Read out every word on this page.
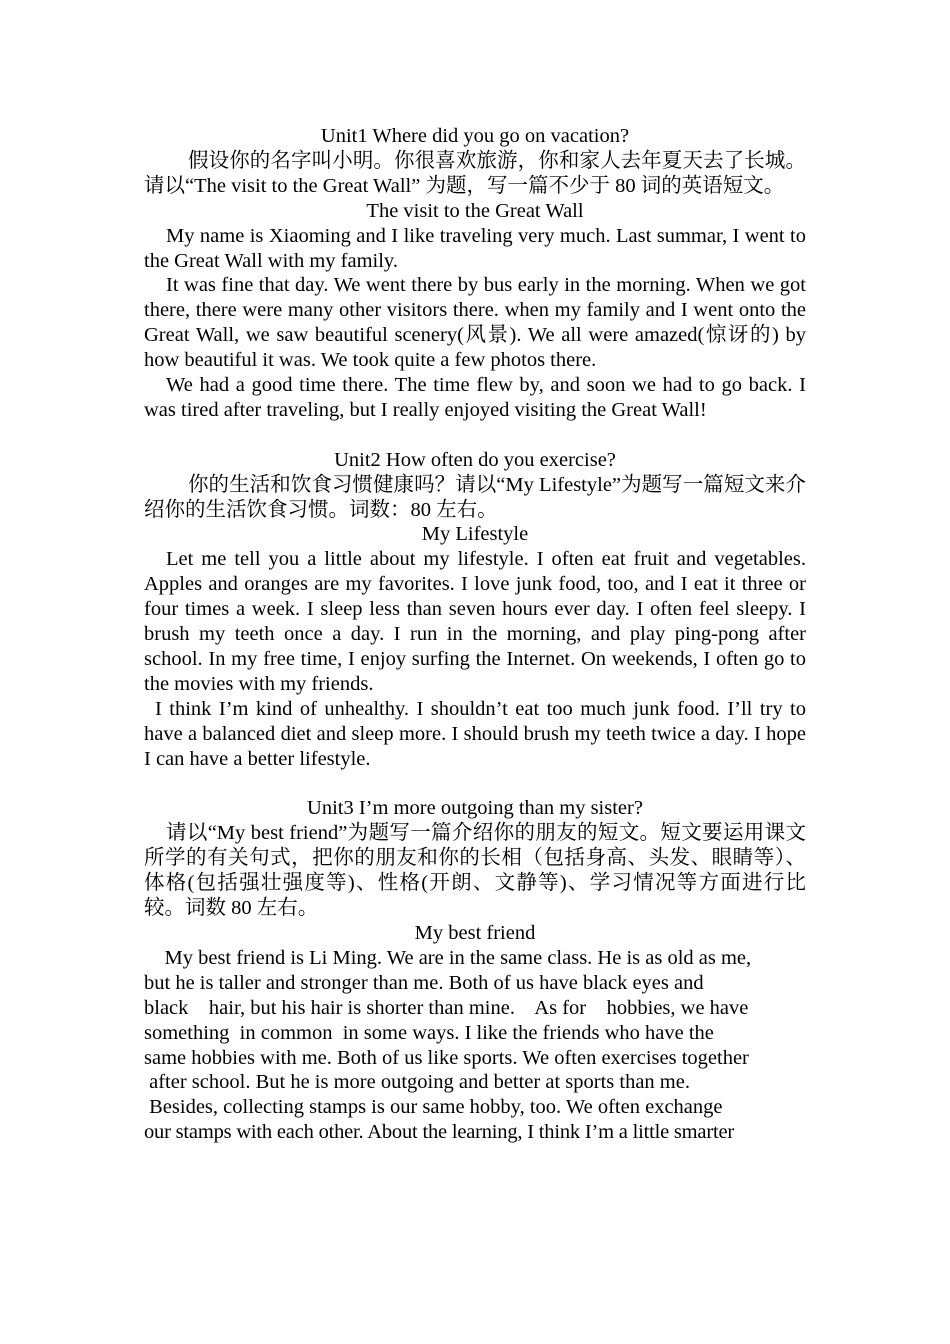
Unit1 Where did you go on vacation?
假设你的名字叫小明。你很喜欢旅游，你和家人去年夏天去了长城。请以“The visit to the Great Wall” 为题，写一篇不少于 80 词的英语短文。
The visit to the Great Wall
My name is Xiaoming and I like traveling very much. Last summar, I went to the Great Wall with my family.
It was fine that day. We went there by bus early in the morning. When we got there, there were many other visitors there. when my family and I went onto the Great Wall, we saw beautiful scenery(风景). We all were amazed(惊讶的) by how beautiful it was. We took quite a few photos there.
We had a good time there. The time flew by, and soon we had to go back. I was tired after traveling, but I really enjoyed visiting the Great Wall!
Unit2 How often do you exercise?
你的生活和饮食习惯健康吗？请以“My Lifestyle”为题写一篇短文来介绍你的生活饮食习惯。词数：80 左右。
My Lifestyle
Let me tell you a little about my lifestyle. I often eat fruit and vegetables. Apples and oranges are my favorites. I love junk food, too, and I eat it three or four times a week. I sleep less than seven hours ever day. I often feel sleepy. I brush my teeth once a day. I run in the morning, and play ping-pong after school. In my free time, I enjoy surfing the Internet. On weekends, I often go to the movies with my friends.
I think I’m kind of unhealthy. I shouldn’t eat too much junk food. I’ll try to have a balanced diet and sleep more. I should brush my teeth twice a day. I hope I can have a better lifestyle.
Unit3 I’m more outgoing than my sister?
请以“My best friend”为题写一篇介绍你的朋友的短文。短文要运用课文所学的有关句式，把你的朋友和你的长相（包括身高、头发、眼睛等）、体格(包括强壮强度等)、性格(开朗、文静等)、学习情况等方面进行比较。词数 80 左右。
My best friend
My best friend is Li Ming. We are in the same class. He is as old as me,
but he is taller and stronger than me. Both of us have black eyes and
black    hair, but his hair is shorter than mine.    As for    hobbies, we have
something  in common  in some ways. I like the friends who have the
same hobbies with me. Both of us like sports. We often exercises together
after school. But he is more outgoing and better at sports than me.
Besides, collecting stamps is our same hobby, too. We often exchange
our stamps with each other. About the learning, I think I’m a little smarter
